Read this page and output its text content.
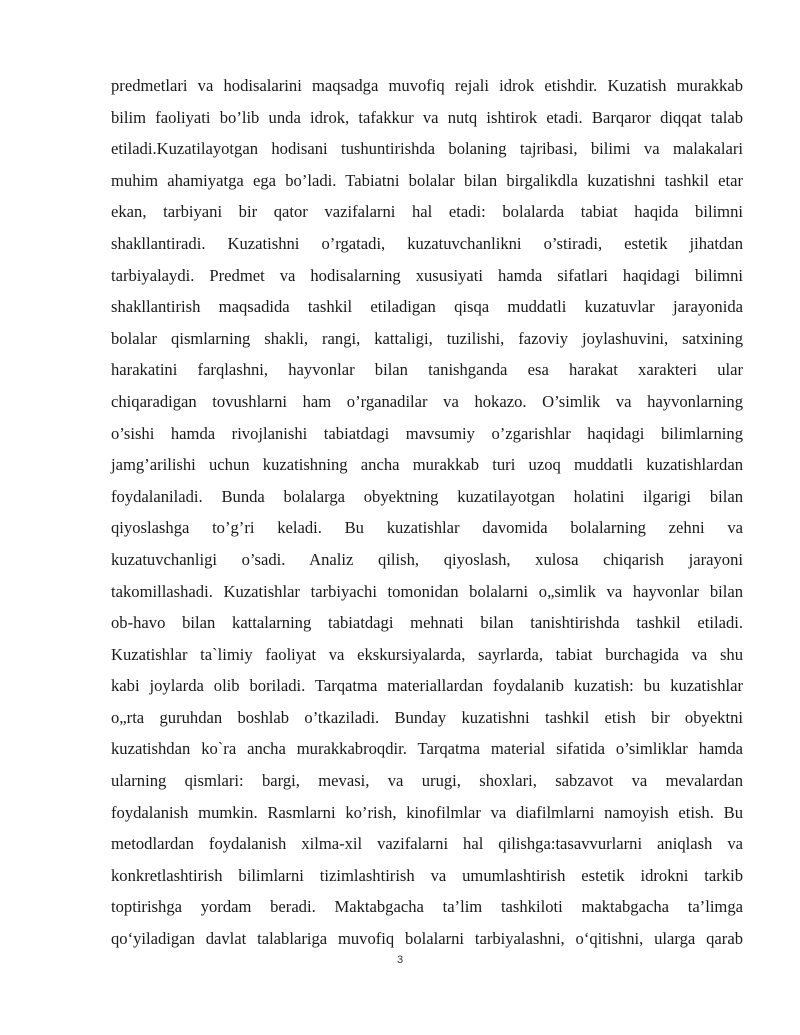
predmetlari va hodisalarini maqsadga muvofiq rejali idrok etishdir. Kuzatish murakkab
bilim faoliyati bo’lib unda idrok, tafakkur va nutq ishtirok etadi. Barqaror diqqat talab
etiladi.Kuzatilayotgan hodisani tushuntirishda bolaning tajribasi, bilimi va malakalari
muhim ahamiyatga ega bo’ladi. Tabiatni bolalar bilan birgalikdla kuzatishni tashkil etar
ekan, tarbiyani bir qator vazifalarni hal etadi: bolalarda tabiat haqida bilimni
shakllantiradi. Kuzatishni o’rgatadi, kuzatuvchanlikni o’stiradi, estetik jihatdan
tarbiyalaydi. Predmet va hodisalarning xususiyati hamda sifatlari haqidagi bilimni
shakllantirish maqsadida tashkil etiladigan qisqa muddatli kuzatuvlar jarayonida
bolalar qismlarning shakli, rangi, kattaligi, tuzilishi, fazoviy joylashuvini, satxining
harakatini farqlashni, hayvonlar bilan tanishganda esa harakat xarakteri ular
chiqaradigan tovushlarni ham o’rganadilar va hokazo. O’simlik va hayvonlarning
o’sishi hamda rivojlanishi tabiatdagi mavsumiy o’zgarishlar haqidagi bilimlarning
jamg’arilishi uchun kuzatishning ancha murakkab turi uzoq muddatli kuzatishlardan
foydalaniladi. Bunda bolalarga obyektning kuzatilayotgan holatini ilgarigi bilan
qiyoslashga to’g’ri keladi. Bu kuzatishlar davomida bolalarning zehni va
kuzatuvchanligi o’sadi. Analiz qilish, qiyoslash, xulosa chiqarish jarayoni
takomillashadi. Kuzatishlar tarbiyachi tomonidan bolalarni o„simlik va hayvonlar bilan
ob-havo bilan kattalarning tabiatdagi mehnati bilan tanishtirishda tashkil etiladi.
Kuzatishlar ta`limiy faoliyat va ekskursiyalarda, sayrlarda, tabiat burchagida va shu
kabi joylarda olib boriladi. Tarqatma materiallardan foydalanib kuzatish: bu kuzatishlar
o„rta guruhdan boshlab o’tkaziladi. Bunday kuzatishni tashkil etish bir obyektni
kuzatishdan ko`ra ancha murakkabroqdir. Tarqatma material sifatida o’simliklar hamda
ularning qismlari: bargi, mevasi, va urugi, shoxlari, sabzavot va mevalardan
foydalanish mumkin. Rasmlarni ko’rish, kinofilmlar va diafilmlarni namoyish etish. Bu
metodlardan foydalanish xilma-xil vazifalarni hal qilishga:tasavvurlarni aniqlash va
konkretlashtirish bilimlarni tizimlashtirish va umumlashtirish estetik idrokni tarkib
toptirishga yordam beradi. Maktabgacha ta’lim tashkiloti maktabgacha ta’limga
qo‘yiladigan davlat talablariga muvofiq bolalarni tarbiyalashni, o‘qitishni, ularga qarab
3
